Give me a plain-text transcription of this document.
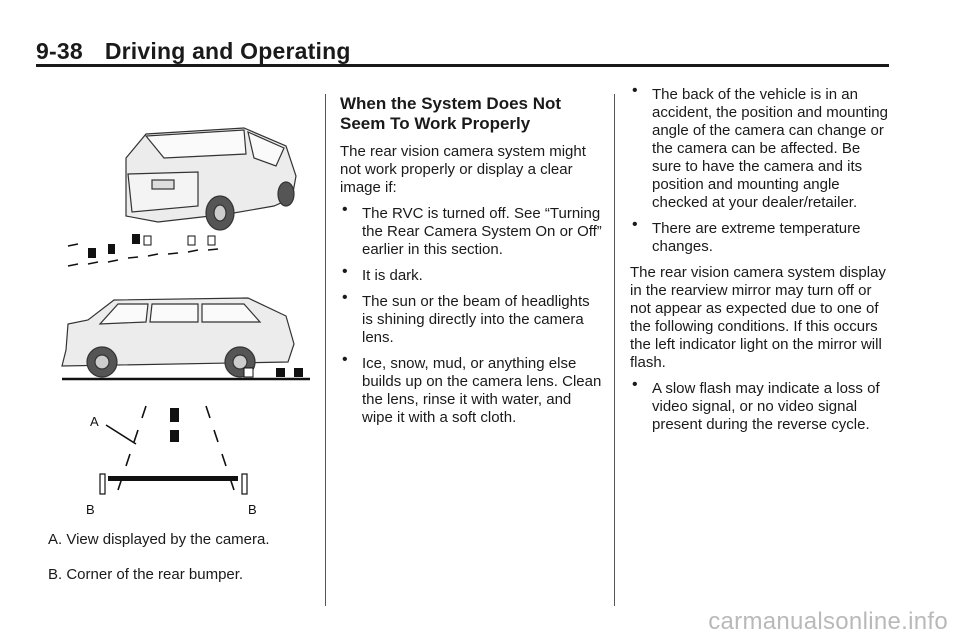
9-38 Driving and Operating
A
B	B

A. View displayed by the camera.

B. Corner of the rear bumper.

When the System Does Not Seem To Work Properly

The rear vision camera system might not work properly or display a clear image if:

• The RVC is turned off. See “Turning the Rear Camera System On or Off” earlier in this section.
• It is dark.
• The sun or the beam of headlights is shining directly into the camera lens.
• Ice, snow, mud, or anything else builds up on the camera lens. Clean the lens, rinse it with water, and wipe it with a soft cloth.
• The back of the vehicle is in an accident, the position and mounting angle of the camera can change or the camera can be affected. Be sure to have the camera and its position and mounting angle checked at your dealer/retailer.
• There are extreme temperature changes.

The rear vision camera system display in the rearview mirror may turn off or not appear as expected due to one of the following conditions. If this occurs the left indicator light on the mirror will flash.

• A slow flash may indicate a loss of video signal, or no video signal present during the reverse cycle.
carmanualsonline.info
